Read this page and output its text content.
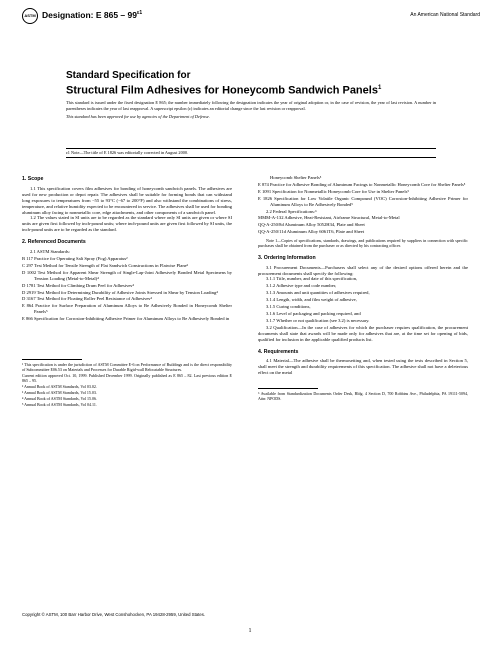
ASTM Designation: E $865 - 99^{\varepsilon 1}$	An American National Standard
Standard Specification for
Structural Film Adhesives for Honeycomb Sandwich Panels$^1$

This standard is issued under the fixed designation E 865; the number immediately following the designation indicates the year of original adoption or, in the case of revision, the year of last revision. A number in parentheses indicates the year of last reapproval. A superscript epsilon (ε) indicates an editorial change since the last revision or reapproval.

This standard has been approved for use by agencies of the Department of Defense.

ε1 Note—The title of E 1826 was editorially corrected in August 2000.

1. Scope

1.1 This specification covers film adhesives for bonding of honeycomb sandwich panels. The adhesives are used for new production or depot repair. The adhesives shall be suitable for forming bonds that can withstand long exposures to temperatures from −55 to 93°C (−67 to 200°F) and also withstand the combinations of stress, temperature, and relative humidity expected to be encountered in service. The adhesives shall be used for bonding aluminum alloy facing to nonmetallic core, edge attachments, and other components of a sandwich panel.

1.2 The values stated in SI units are to be regarded as the standard where only SI units are given or where SI units are given first followed by inch-pound units; where inch-pound units are given first followed by SI units, the inch-pound units are to be regarded as the standard.

2. Referenced Documents

2.1 ASTM Standards:

B 117 Practice for Operating Salt Spray (Fog) Apparatus²

C 297 Test Method for Tensile Strength of Flat Sandwich Constructions in Flatwise Plane³

D 1002 Test Method for Apparent Shear Strength of Single-Lap-Joint Adhesively Bonded Metal Specimens by Tension Loading (Metal-to-Metal)⁴

D 1781 Test Method for Climbing Drum Peel for Adhesives⁴

D 2919 Test Method for Determining Durability of Adhesive Joints Stressed in Shear by Tension Loading⁴

D 3167 Test Method for Floating Roller Peel Resistance of Adhesives⁴

E 864 Practice for Surface Preparation of Aluminum Alloys to Be Adhesively Bonded in Honeycomb Shelter Panels⁵

E 866 Specification for Corrosion-Inhibiting Adhesive Primer for Aluminum Alloys to Be Adhesively Bonded in

¹ This specification is under the jurisdiction of ASTM Committee E-6 on Performance of Buildings and is the direct responsibility of Subcommittee E06.53 on Materials and Processes for Durable Rigid-wall Relocatable Structures.

Current edition approved Oct. 10, 1999. Published December 1999. Originally published as E 865 – 82. Last previous edition E 865 – 95.

² Annual Book of ASTM Standards, Vol 03.02.

³ Annual Book of ASTM Standards, Vol 15.03.

⁴ Annual Book of ASTM Standards, Vol 15.06.

⁵ Annual Book of ASTM Standards, Vol 04.11.

Honeycomb Shelter Panels⁵

E 874 Practice for Adhesive Bonding of Aluminum Facings to Nonmetallic Honeycomb Core for Shelter Panels⁵

E 1091 Specification for Nonmetallic Honeycomb Core for Use in Shelter Panels⁵

E 1826 Specification for Low Volatile Organic Compound (VOC) Corrosion-Inhibiting Adhesive Primer for Aluminum Alloys to Be Adhesively Bonded⁵

2.2 Federal Specifications:⁶

MMM-A-132 Adhesive, Heat-Resistant, Airframe Structural, Metal-to-Metal

QQ-A-250/8d Aluminum Alloy 5052H34, Plate and Sheet

QQ-A-250/11d Aluminum Alloy 6061T6, Plate and Sheet

Note 1—Copies of specifications, standards, drawings, and publications required by suppliers in connection with specific purchases shall be obtained from the purchaser or as directed by his contracting officer.

3. Ordering Information

3.1 Procurement Documents—Purchasers shall select any of the desired options offered herein and the procurement documents shall specify the following:

3.1.1 Title, number, and date of this specification,

3.1.2 Adhesive type and code number,

3.1.3 Amounts and unit quantities of adhesives required,

3.1.4 Length, width, and film weight of adhesive,

3.1.5 Curing conditions,

3.1.6 Level of packaging and packing required, and

3.1.7 Whether or not qualification (see 3.2) is necessary.

3.2 Qualification—In the case of adhesives for which the purchaser requires qualification, the procurement documents shall state that awards will be made only for adhesives that are, at the time set for opening of bids, qualified for inclusion in the applicable qualified products list.

4. Requirements

4.1 Material—The adhesive shall be thermosetting and, when tested using the tests described in Section 5, shall meet the strength and durability requirements of this specification. The adhesive shall not have a deleterious effect on the metal

⁶ Available from Standardization Documents Order Desk, Bldg. 4 Section D, 700 Robbins Ave., Philadelphia, PA 19111-5094, Attn: NPODS.

Copyright © ASTM, 100 Barr Harbor Drive, West Conshohocken, PA 19428-2959, United States.
1
